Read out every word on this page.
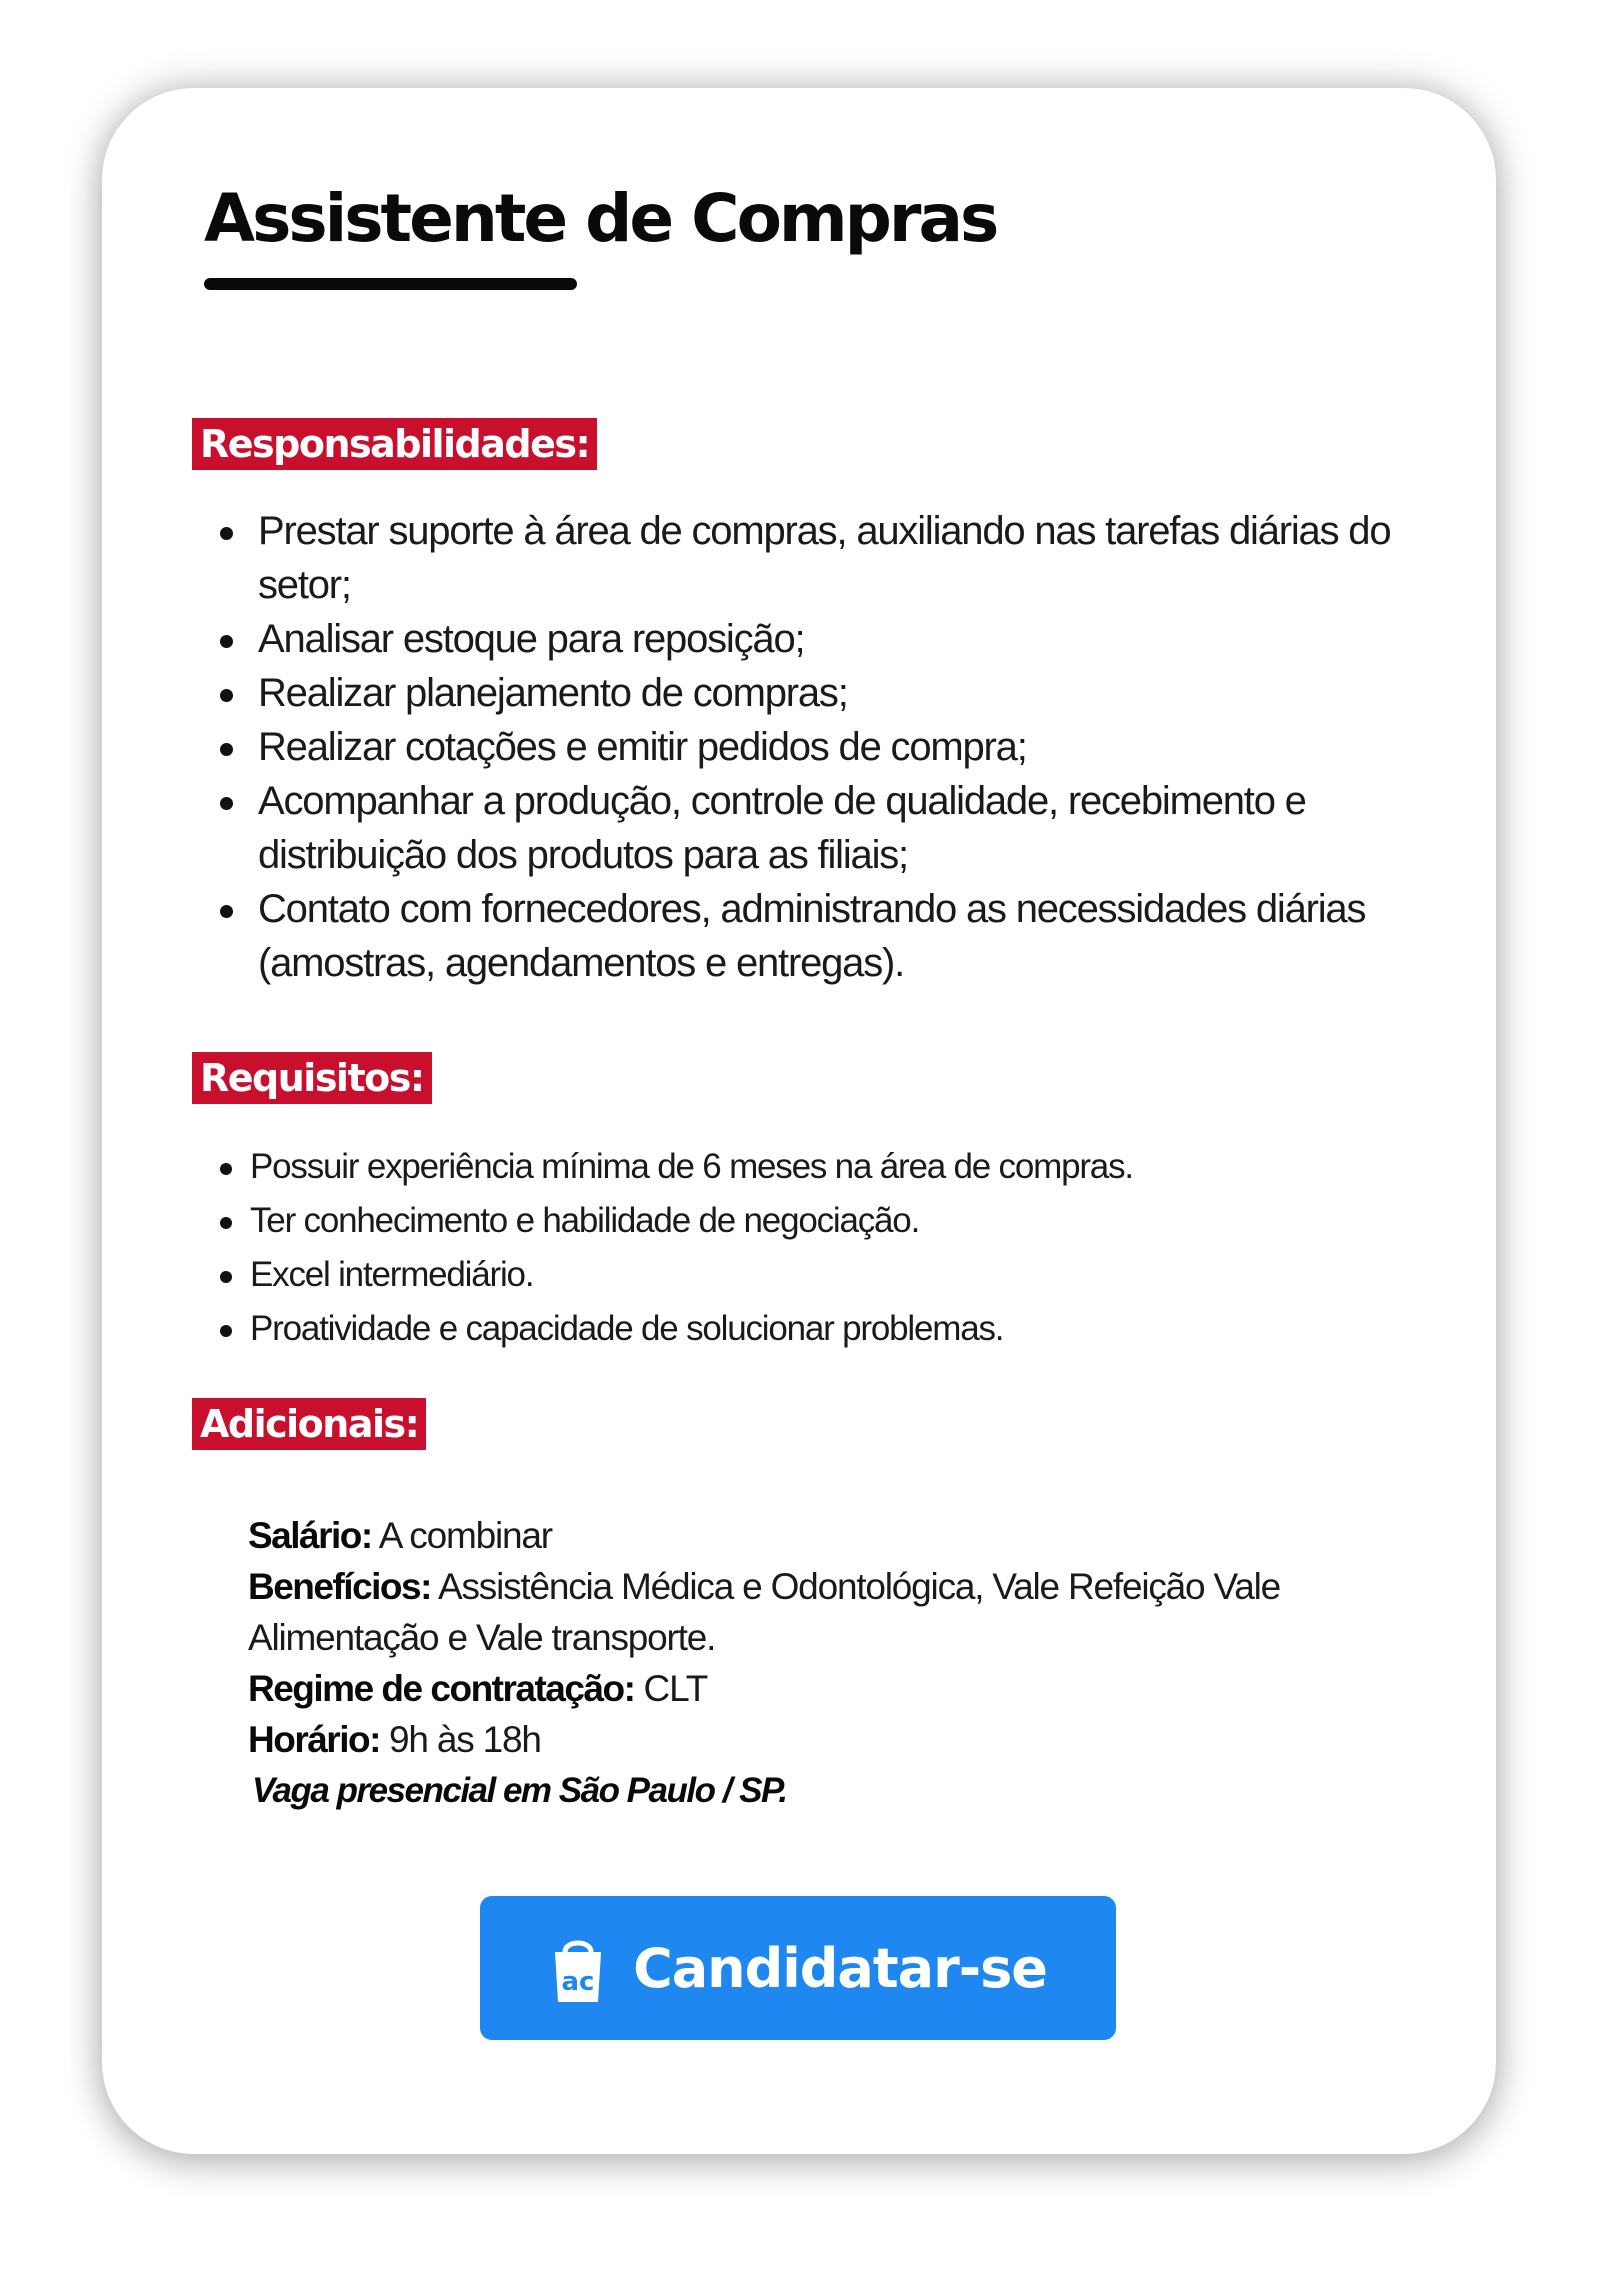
Assistente de Compras
Responsabilidades:
Prestar suporte à área de compras, auxiliando nas tarefas diárias do setor;
Analisar estoque para reposição;
Realizar planejamento de compras;
Realizar cotações e emitir pedidos de compra;
Acompanhar a produção, controle de qualidade, recebimento e distribuição dos produtos para as filiais;
Contato com fornecedores, administrando as necessidades diárias (amostras, agendamentos e entregas).
Requisitos:
Possuir experiência mínima de 6 meses na área de compras.
Ter conhecimento e habilidade de negociação.
Excel intermediário.
Proatividade e capacidade de solucionar problemas.
Adicionais:
Salário: A combinar
Benefícios: Assistência Médica e Odontológica, Vale Refeição Vale Alimentação e Vale transporte.
Regime de contratação: CLT
Horário: 9h às 18h
Vaga presencial em São Paulo / SP.
ac Candidatar-se
